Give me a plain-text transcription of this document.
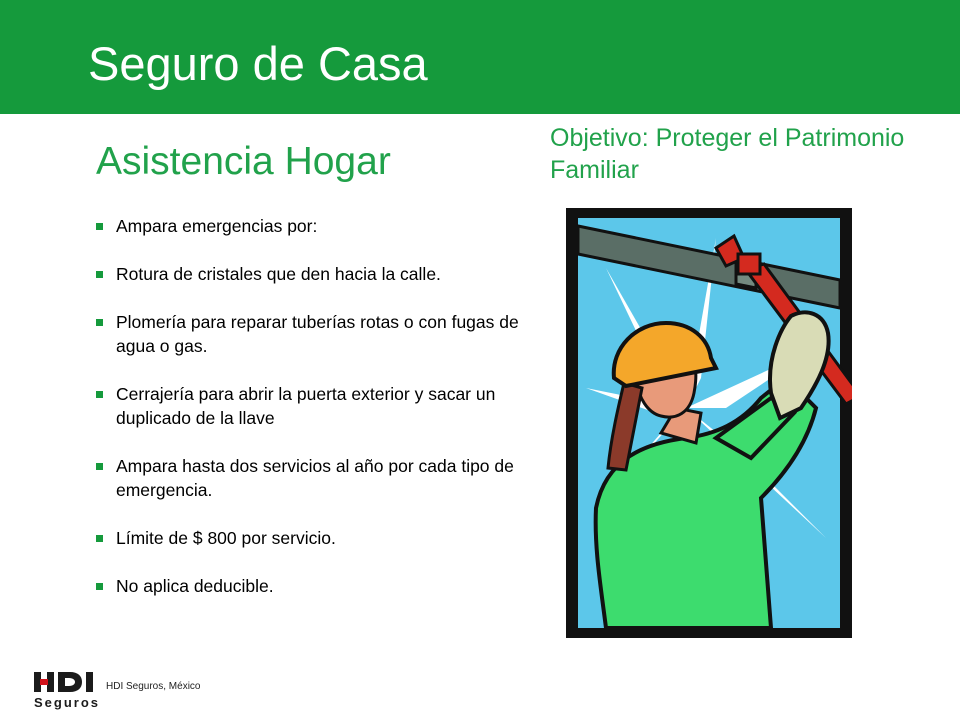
Seguro de Casa
Asistencia Hogar
Objetivo: Proteger el Patrimonio Familiar
Ampara emergencias por:
Rotura de cristales que den hacia la calle.
Plomería para reparar tuberías rotas o con fugas de agua o gas.
Cerrajería para abrir la puerta exterior y sacar un duplicado de la llave
Ampara hasta dos servicios al año por cada tipo de emergencia.
Límite de $ 800 por servicio.
No aplica deducible.
Seguros
HDI Seguros, México
